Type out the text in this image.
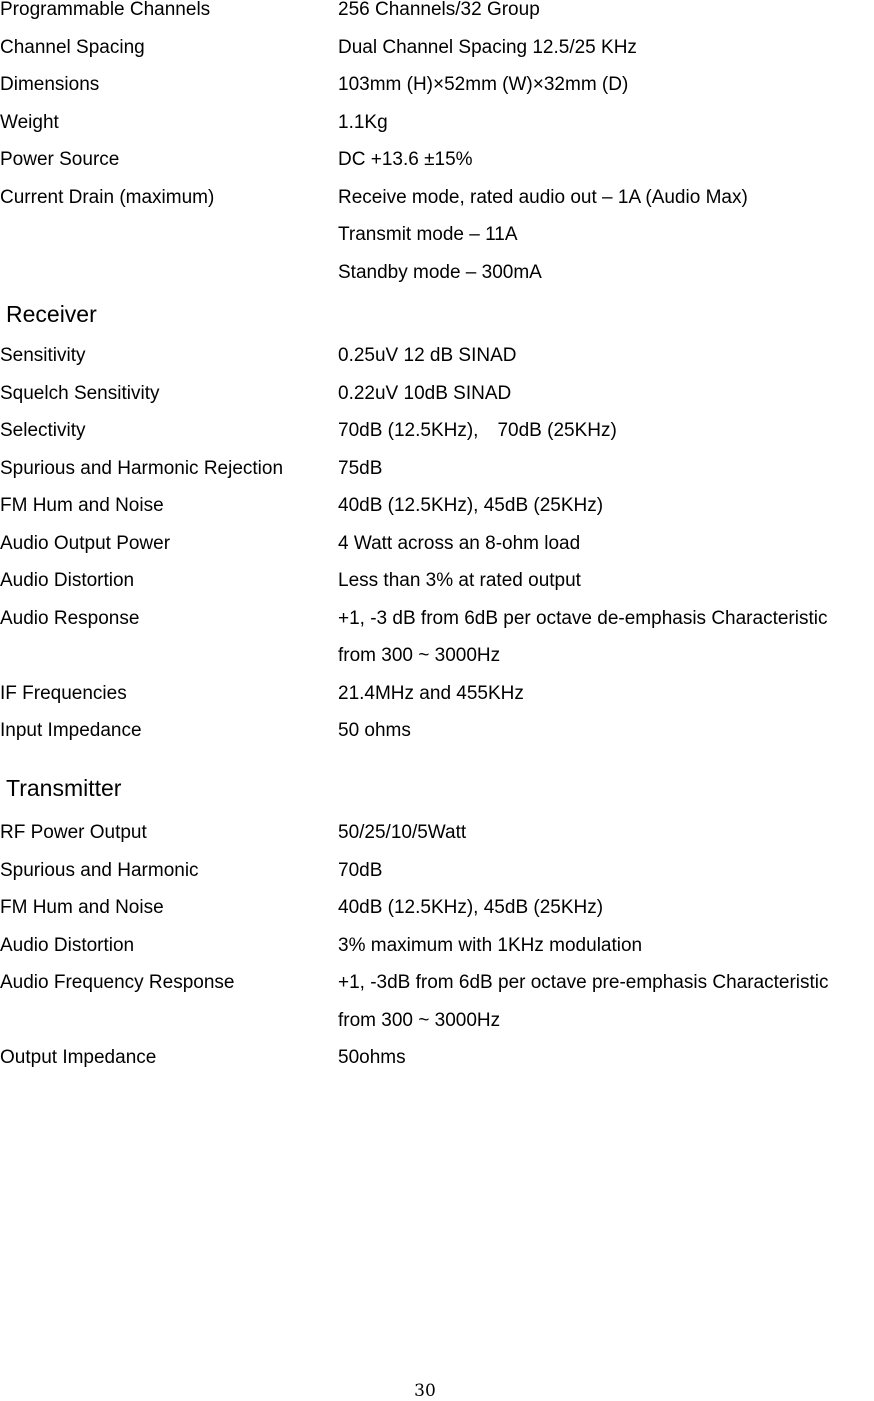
Programmable Channels	256 Channels/32 Group
Channel Spacing	Dual Channel Spacing 12.5/25 KHz
Dimensions	103mm (H)×52mm (W)×32mm (D)
Weight	1.1Kg
Power Source	DC +13.6 ±15%
Current Drain (maximum)	Receive mode, rated audio out – 1A (Audio Max)
Transmit mode – 11A
Standby mode – 300mA
Receiver
Sensitivity	0.25uV 12 dB SINAD
Squelch Sensitivity	0.22uV 10dB SINAD
Selectivity	70dB (12.5KHz),　70dB (25KHz)
Spurious and Harmonic Rejection	75dB
FM Hum and Noise	40dB (12.5KHz), 45dB (25KHz)
Audio Output Power	4 Watt across an 8-ohm load
Audio Distortion	Less than 3% at rated output
Audio Response	+1, -3 dB from 6dB per octave de-emphasis Characteristic
from 300 ~ 3000Hz
IF Frequencies	21.4MHz and 455KHz
Input Impedance	50 ohms
Transmitter
RF Power Output	50/25/10/5Watt
Spurious and Harmonic	70dB
FM Hum and Noise	40dB (12.5KHz), 45dB (25KHz)
Audio Distortion	3% maximum with 1KHz modulation
Audio Frequency Response	+1, -3dB from 6dB per octave pre-emphasis Characteristic
from 300 ~ 3000Hz
Output Impedance	50ohms
30
